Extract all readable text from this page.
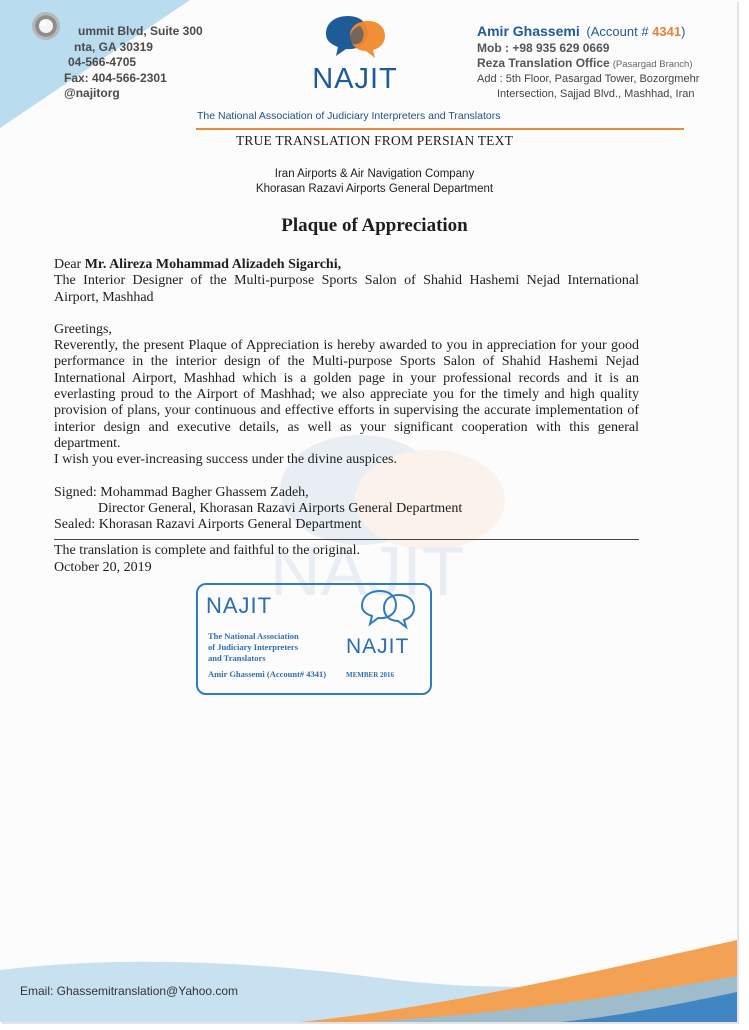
ummit Blvd, Suite 300
nta, GA 30319
04-566-4705
Fax: 404-566-2301
@najitorg	NAJIT
Amir Ghassemi (Account # 4341)
Mob : +98 935 629 0669
Reza Translation Office (Pasargad Branch)
Add : 5th Floor, Pasargad Tower, Bozorgmehr
Intersection, Sajjad Blvd., Mashhad, Iran
The National Association of Judiciary Interpreters and Translators
TRUE TRANSLATION FROM PERSIAN TEXT
Iran Airports & Air Navigation Company
Khorasan Razavi Airports General Department
Plaque of Appreciation
NAJIT

Dear Mr. Alireza Mohammad Alizadeh Sigarchi,

The Interior Designer of the Multi-purpose Sports Salon of Shahid Hashemi Nejad International Airport, Mashhad

Greetings,

Reverently, the present Plaque of Appreciation is hereby awarded to you in appreciation for your good performance in the interior design of the Multi-purpose Sports Salon of Shahid Hashemi Nejad International Airport, Mashhad which is a golden page in your professional records and it is an everlasting proud to the Airport of Mashhad; we also appreciate you for the timely and high quality provision of plans, your continuous and effective efforts in supervising the accurate implementation of interior design and executive details, as well as your significant cooperation with this general department.

I wish you ever-increasing success under the divine auspices.

Signed: Mohammad Bagher Ghassem Zadeh,

Director General, Khorasan Razavi Airports General Department

Sealed: Khorasan Razavi Airports General Department

The translation is complete and faithful to the original.

October 20, 2019

NAJIT
The National Association
of Judiciary Interpreters
and Translators
Amir Ghassemi (Account# 4341)
NAJIT
MEMBER 2016
Email: Ghassemitranslation@Yahoo.com
